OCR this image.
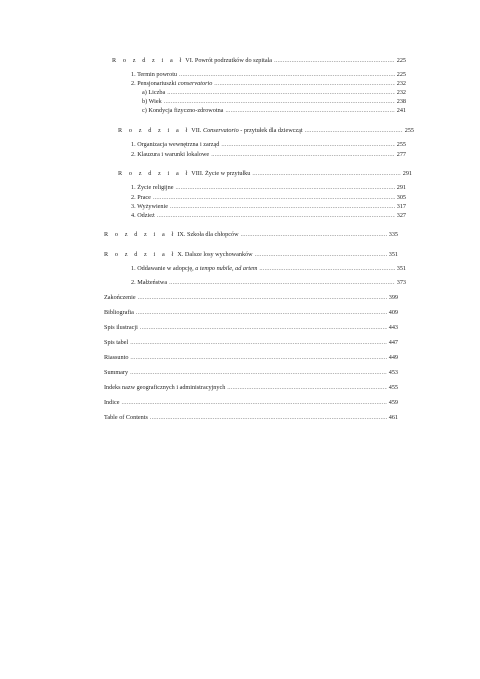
R o z d z i a ł VI. Powrót podrzutków do szpitala .....	225
1. Termin powrotu .....	225
2. Pensjonariuszki conservatorio .....	232
a) Liczba .....	232
b) Wiek .....	238
c) Kondycja fizyczno-zdrowotna .....	241
R o z d z i a ł VII. Conservatorio - przytułek dla dziewcząt .....	255
1. Organizacja wewnętrzna i zarząd .....	255
2. Klauzura i warunki lokalowe .....	277
R o z d z i a ł VIII. Życie w przytułku .....	291
1. Życie religijne .....	291
2. Prace .....	305
3. Wyżywienie .....	317
4. Odzież .....	327
R o z d z i a ł IX. Szkoła dla chłopców .....	335
R o z d z i a ł X. Dalsze losy wychowanków .....	351
1. Oddawanie w adopcję, a tempo nubile, ad artem .....	351
2. Małżeństwa .....	373
Zakończenie .....	399
Bibliografia .....	409
Spis ilustracji .....	443
Spis tabel .....	447
Riassunto .....	449
Summary .....	453
Indeks nazw geograficznych i administracyjnych .....	455
Indice .....	459
Table of Contents .....	461
